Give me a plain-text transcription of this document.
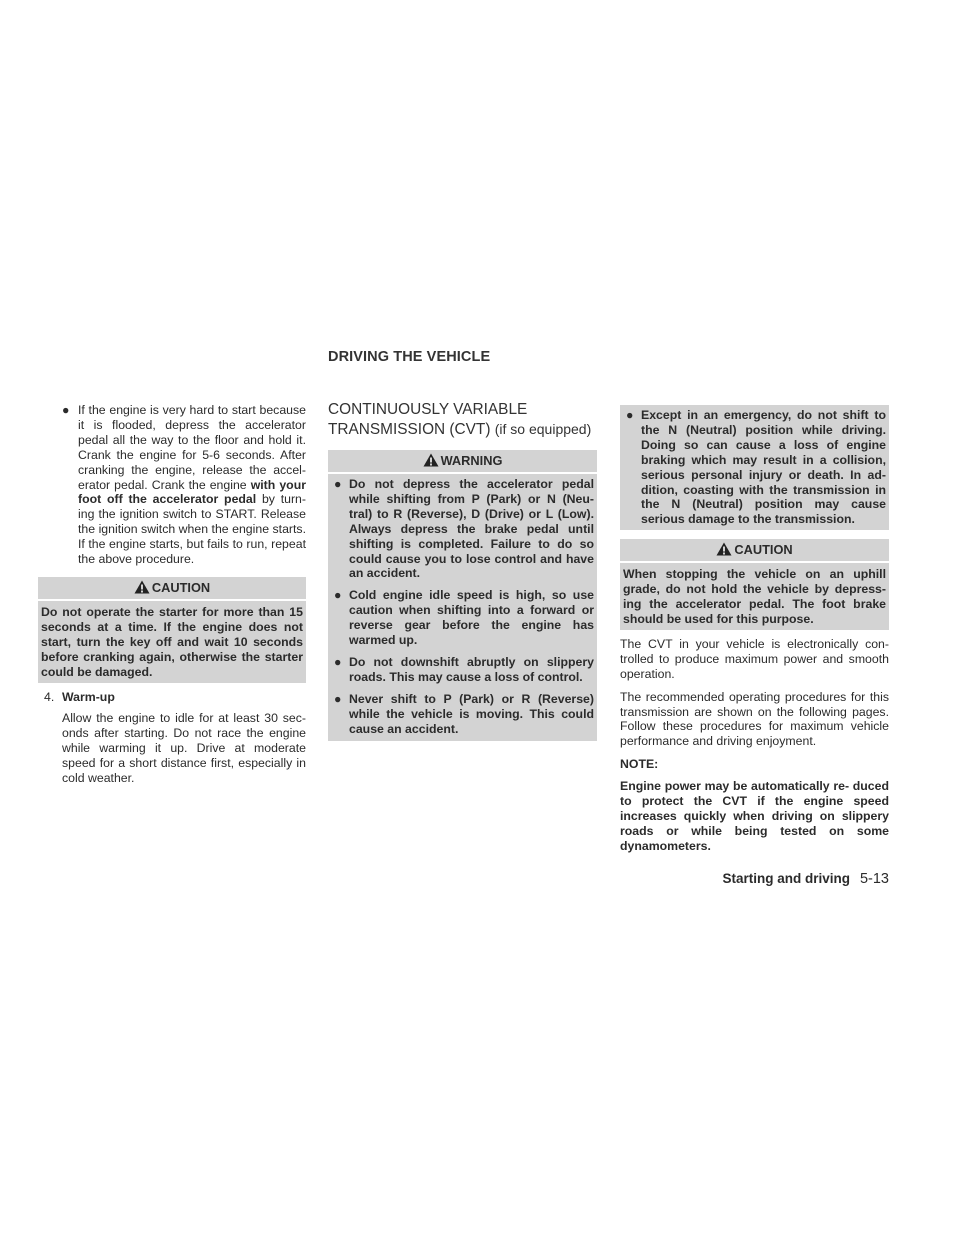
DRIVING THE VEHICLE
● If the engine is very hard to start because it is flooded, depress the accelerator pedal all the way to the floor and hold it. Crank the engine for 5-6 seconds. After cranking the engine, release the accel- erator pedal. Crank the engine with your foot off the accelerator pedal by turn- ing the ignition switch to START. Release the ignition switch when the engine starts. If the engine starts, but fails to run, repeat the above procedure.
CAUTION
Do not operate the starter for more than 15 seconds at a time. If the engine does not start, turn the key off and wait 10 seconds before cranking again, otherwise the starter could be damaged.
4. Warm-up
Allow the engine to idle for at least 30 sec- onds after starting. Do not race the engine while warming it up. Drive at moderate speed for a short distance first, especially in cold weather.
CONTINUOUSLY VARIABLE TRANSMISSION (CVT) (if so equipped)
WARNING
● Do not depress the accelerator pedal while shifting from P (Park) or N (Neu- tral) to R (Reverse), D (Drive) or L (Low). Always depress the brake pedal until shifting is completed. Failure to do so could cause you to lose control and have an accident.
● Cold engine idle speed is high, so use caution when shifting into a forward or reverse gear before the engine has warmed up.
● Do not downshift abruptly on slippery roads. This may cause a loss of control.
● Never shift to P (Park) or R (Reverse) while the vehicle is moving. This could cause an accident.
● Except in an emergency, do not shift to the N (Neutral) position while driving. Doing so can cause a loss of engine braking which may result in a collision, serious personal injury or death. In ad- dition, coasting with the transmission in the N (Neutral) position may cause serious damage to the transmission.
CAUTION
When stopping the vehicle on an uphill grade, do not hold the vehicle by depress- ing the accelerator pedal. The foot brake should be used for this purpose.

The CVT in your vehicle is electronically con- trolled to produce maximum power and smooth operation.

The recommended operating procedures for this transmission are shown on the following pages. Follow these procedures for maximum vehicle performance and driving enjoyment.

NOTE:

Engine power may be automatically re- duced to protect the CVT if the engine speed increases quickly when driving on slippery roads or while being tested on some dynamometers.

Starting and driving 5-13
